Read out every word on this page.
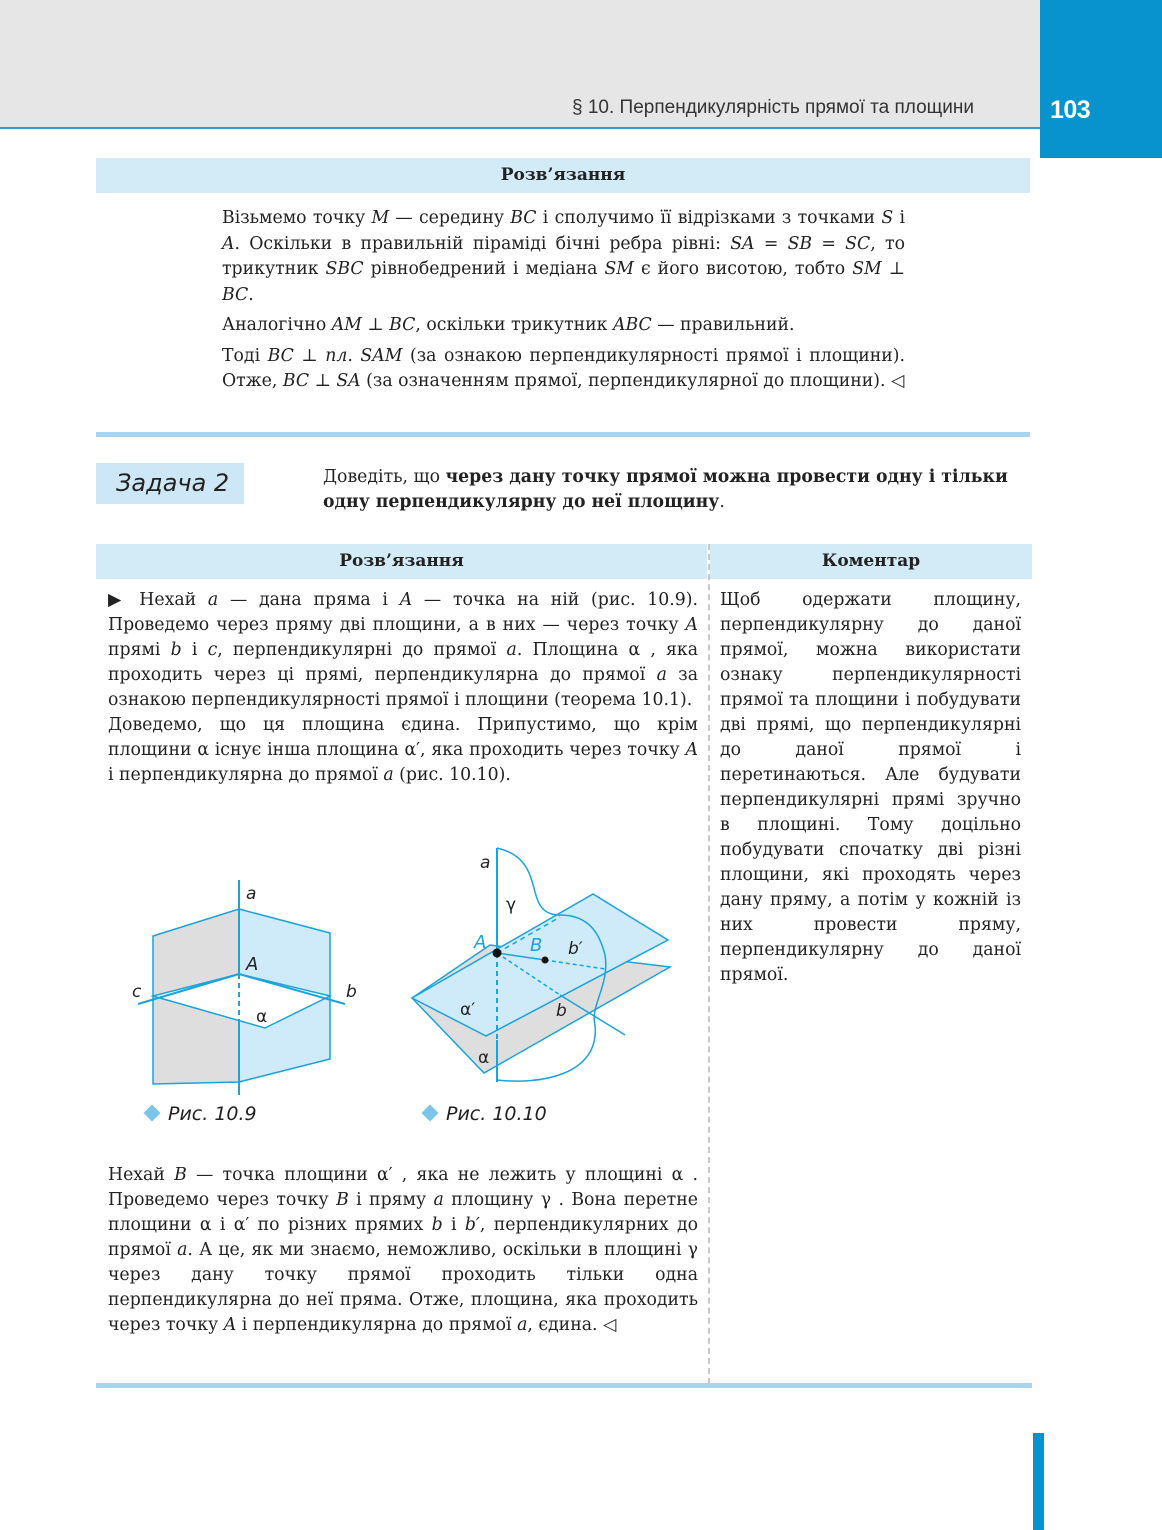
§ 10. Перпендикулярність прямої та площини	103
Розв’язання

Візьмемо точку M — середину BC і сполучимо її відрізками з точками S і A. Оскільки в правильній піраміді бічні ребра рівні: SA = SB = SC, то трикутник SBC рівнобедрений і медіана SM є його висотою, тобто SM ⊥ BC.

Аналогічно AM ⊥ BC, оскільки трикутник ABC — правильний.

Тоді BC ⊥ пл. SAM (за ознакою перпендикулярності прямої і площини). Отже, BC ⊥ SA (за означенням прямої, перпендикулярної до площини). ◁

Задача 2	Доведіть, що через дану точку прямої можна провести одну і тільки одну перпендикулярну до неї площину.
Розв’язання	Коментар

▶ Нехай a — дана пряма і A — точка на ній (рис. 10.9). Проведемо через пряму дві площини, а в них — через точку A прямі b і c, перпендикулярні до прямої a. Площина α , яка проходить через ці прямі, перпендикулярна до прямої a за ознакою перпендикулярності прямої і площини (теорема 10.1).

Доведемо, що ця площина єдина. Припустимо, що крім площини α існує інша площина α′, яка проходить через точку A і перпендикулярна до прямої a (рис. 10.10).

a
A
c	b
α
Рис. 10.9
a
γ
A B b′
α′	b
α
Рис. 10.10

Нехай B — точка площини α′ , яка не лежить у площині α . Проведемо через точку B і пряму a площину γ . Вона перетне площини α і α′ по різних прямих b і b′, перпендикулярних до прямої a. А це, як ми знаємо, неможливо, оскільки в площині γ через дану точку прямої проходить тільки одна перпендикулярна до неї пряма. Отже, площина, яка проходить через точку A і перпендикулярна до прямої a, єдина. ◁

Щоб одержати площину, перпендикулярну до даної прямої, можна використати ознаку перпендикулярності прямої та площини і побудувати дві прямі, що перпендикулярні до даної прямої і перетинаються. Але будувати перпендикулярні прямі зручно в площині. Тому доцільно побудувати спочатку дві різні площини, які проходять через дану пряму, а потім у кожній із них провести пряму, перпендикулярну до даної прямої.
